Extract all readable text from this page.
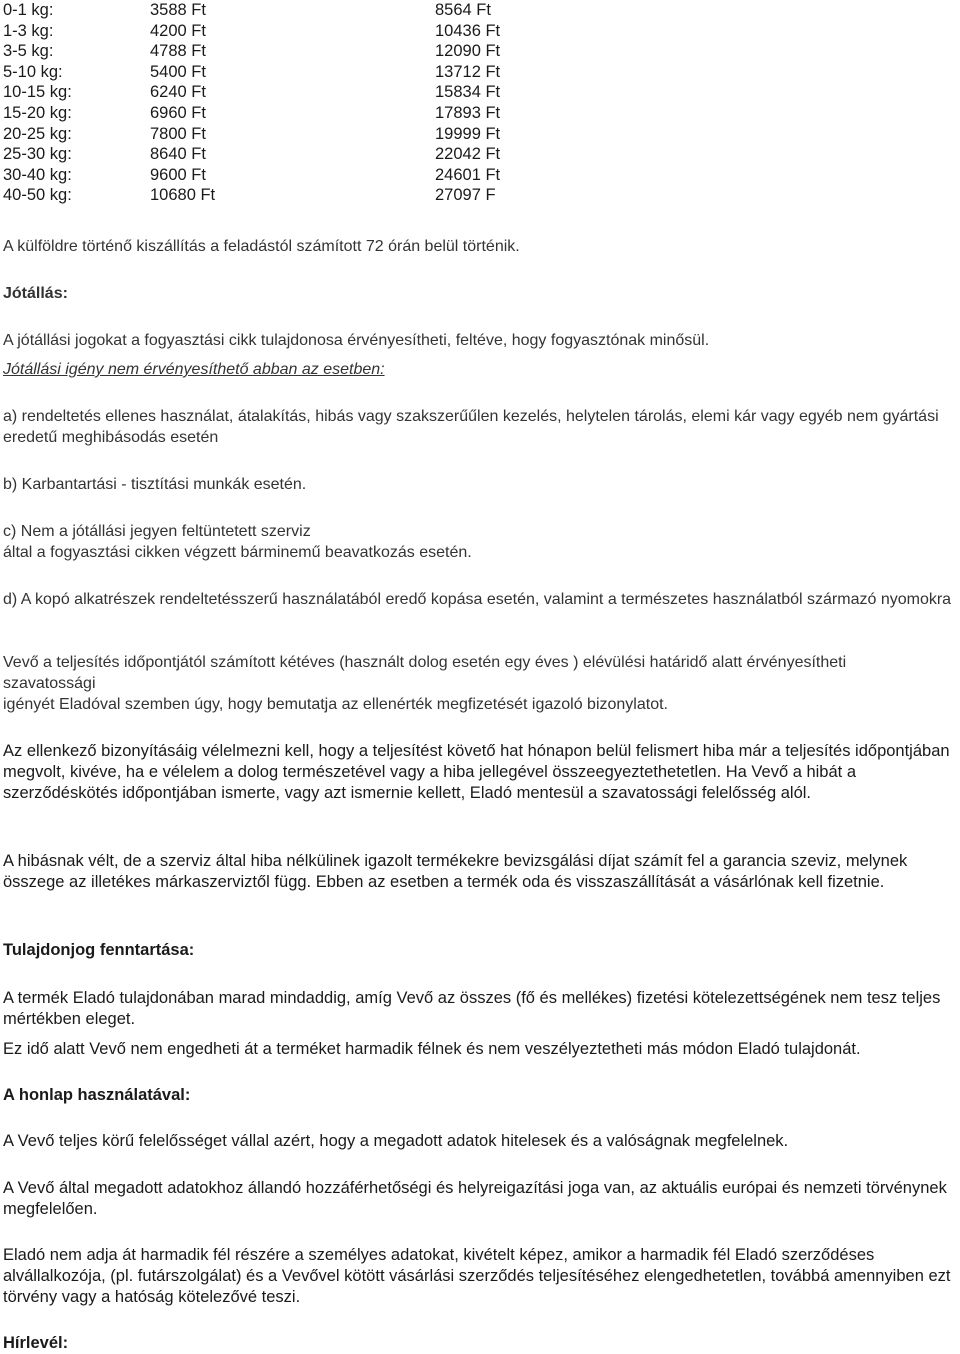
0-1 kg:	3588 Ft	8564 Ft
1-3 kg:	4200 Ft	10436 Ft
3-5 kg:	4788 Ft	12090 Ft
5-10 kg:	5400 Ft	13712 Ft
10-15 kg:	6240 Ft	15834 Ft
15-20 kg:	6960 Ft	17893 Ft
20-25 kg:	7800 Ft	19999 Ft
25-30 kg:	8640 Ft	22042 Ft
30-40 kg:	9600 Ft	24601 Ft
40-50 kg:	10680 Ft	27097 F

A külföldre történő kiszállítás a feladástól számított 72 órán belül történik.

Jótállás:

A jótállási jogokat a fogyasztási cikk tulajdonosa érvényesítheti, feltéve, hogy fogyasztónak minősül.

Jótállási igény nem érvényesíthető abban az esetben:

a) rendeltetés ellenes használat, átalakítás, hibás vagy szakszerűűlen kezelés, helytelen tárolás, elemi kár vagy egyéb nem gyártási eredetű meghibásodás esetén

b) Karbantartási - tisztítási munkák esetén.

c) Nem a jótállási jegyen feltüntetett szerviz

által a fogyasztási cikken végzett bárminemű beavatkozás esetén.

d) A kopó alkatrészek rendeltetésszerű használatából eredő kopása esetén, valamint a természetes használatból származó nyomokra

Vevő a teljesítés időpontjától számított kétéves (használt dolog esetén egy éves ) elévülési határidő alatt érvényesítheti szavatossági

igényét Eladóval szemben úgy, hogy bemutatja az ellenérték megfizetését igazoló bizonylatot.

Az ellenkező bizonyításáig vélelmezni kell, hogy a teljesítést követő hat hónapon belül felismert hiba már a teljesítés időpontjában megvolt, kivéve, ha e vélelem a dolog természetével vagy a hiba jellegével összeegyeztethetetlen. Ha Vevő a hibát a szerződéskötés időpontjában ismerte, vagy azt ismernie kellett, Eladó mentesül a szavatossági felelősség alól.

A hibásnak vélt, de a szerviz által hiba nélkülinek igazolt termékekre bevizsgálási díjat számít fel a garancia szeviz, melynek összege az illetékes márkaszerviztől függ. Ebben az esetben a termék oda és visszaszállítását a vásárlónak kell fizetnie.

Tulajdonjog fenntartása:

A termék Eladó tulajdonában marad mindaddig, amíg Vevő az összes (fő és mellékes) fizetési kötelezettségének nem tesz teljes mértékben eleget.

Ez idő alatt Vevő nem engedheti át a terméket harmadik félnek és nem veszélyeztetheti más módon Eladó tulajdonát.

A honlap használatával:

A Vevő teljes körű felelősséget vállal azért, hogy a megadott adatok hitelesek és a valóságnak megfelelnek.

A Vevő által megadott adatokhoz állandó hozzáférhetőségi és helyreigazítási joga van, az aktuális európai és nemzeti törvénynek megfelelően.

Eladó nem adja át harmadik fél részére a személyes adatokat, kivételt képez, amikor a harmadik fél Eladó szerződéses alvállalkozója, (pl. futárszolgálat) és a Vevővel kötött vásárlási szerződés teljesítéséhez elengedhetetlen, továbbá amennyiben ezt törvény vagy a hatóság kötelezővé teszi.

Hírlevél:
